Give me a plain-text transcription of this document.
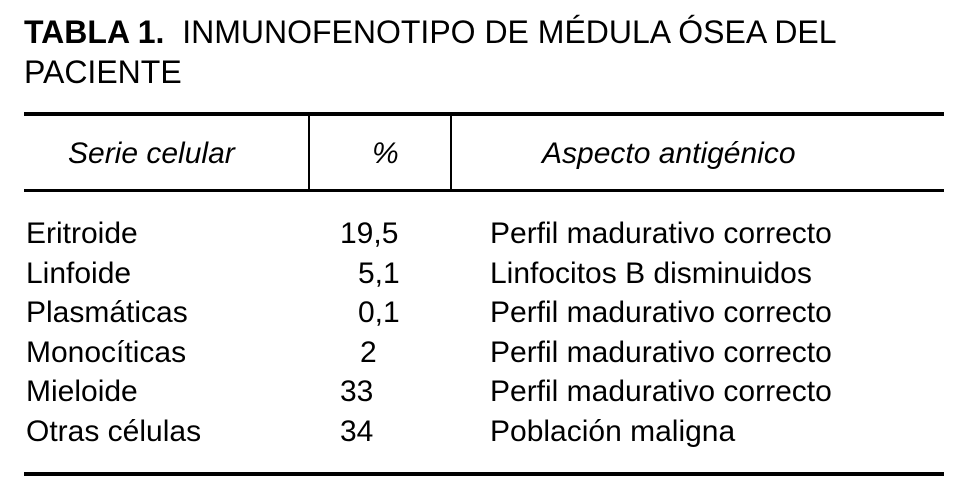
TABLA 1. INMUNOFENOTIPO DE MÉDULA ÓSEA DEL PACIENTE
Serie celular	%	Aspecto antigénico
Eritroide	19,5	Perfil madurativo correcto
Linfoide	5,1	Linfocitos B disminuidos
Plasmáticas	0,1	Perfil madurativo correcto
Monocíticas	2	Perfil madurativo correcto
Mieloide	33	Perfil madurativo correcto
Otras células	34	Población maligna
